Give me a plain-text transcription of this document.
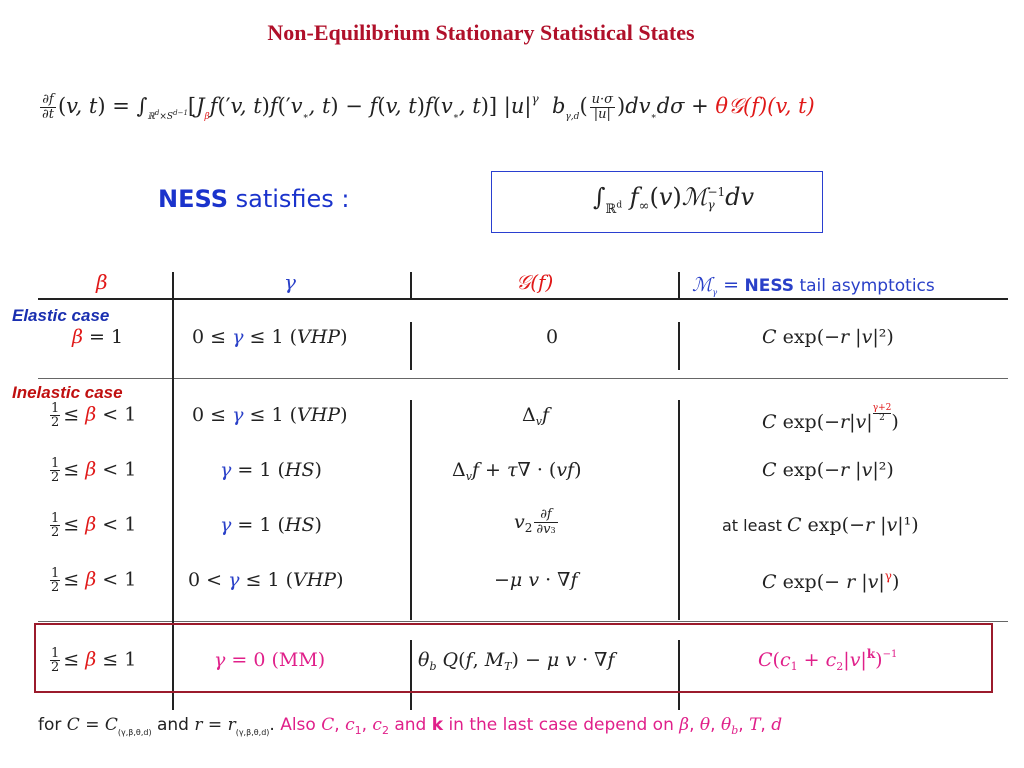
Non-Equilibrium Stationary Statistical States
$\frac{\partial f}{\partial t} (v$, $t) = \int_{ℝ^d\times S^{d-1}}[J_\beta f('v$, $t)f('v_∗$, t) − f(v, $t)f(v_∗$, t)] $|u|^\gamma$  $b_{\gamma,d}( \frac{u\cdot\sigma}{|u|} )dv_∗d\sigma$ + θ𝒢(f)(v, t)
NESS satisfies :	$\int_{ℝ^d}$ $f_\infty(v)ℳ -1$
γ dv
β	γ	𝒢(f)	ℳ$_\gamma$ = NESS tail asymptotics
Elastic case
Inelastic case
β = 1	0 ≤ γ ≤ 1 (VHP)	0	C exp(−r |v|²)
$\frac{1}{2} \le \beta < 1$	0 ≤ γ ≤ 1 (VHP)	$\Delta_vf$	C $\exp(-r|v| \frac{\gamma+2}{2}$ )
$\frac{1}{2} \le \beta < 1$	γ = 1 (HS)	$\Delta_vf + \tau\nabla \cdot (vf)$	C exp(−r |v|²)
$\frac{1}{2} \le \beta < 1$	γ = 1 (HS)	$v_2 \frac{\partial f}{\partial v3}$	at least C exp(−r |v|¹)
$\frac{1}{2} \le \beta < 1$	0 < γ ≤ 1 (VHP)	−μ v · ∇f	C exp(− r $|v|^\gamma$)
$\frac{1}{2} \le \beta \le 1$	γ = 0 (MM)	$\theta_b$ Q(f, $M_T) - \mu$ v · ∇f	$C(c_1 + c_2|v|^k)^{-1}$
for $C = C_{(\gamma,\beta,\theta,d)}$ and $r = r_{(\gamma,\beta,\theta,d)}$. Also C, $c_1$, $c_2$ and k in the last case depend on β, θ, $\theta_b$, T, d
